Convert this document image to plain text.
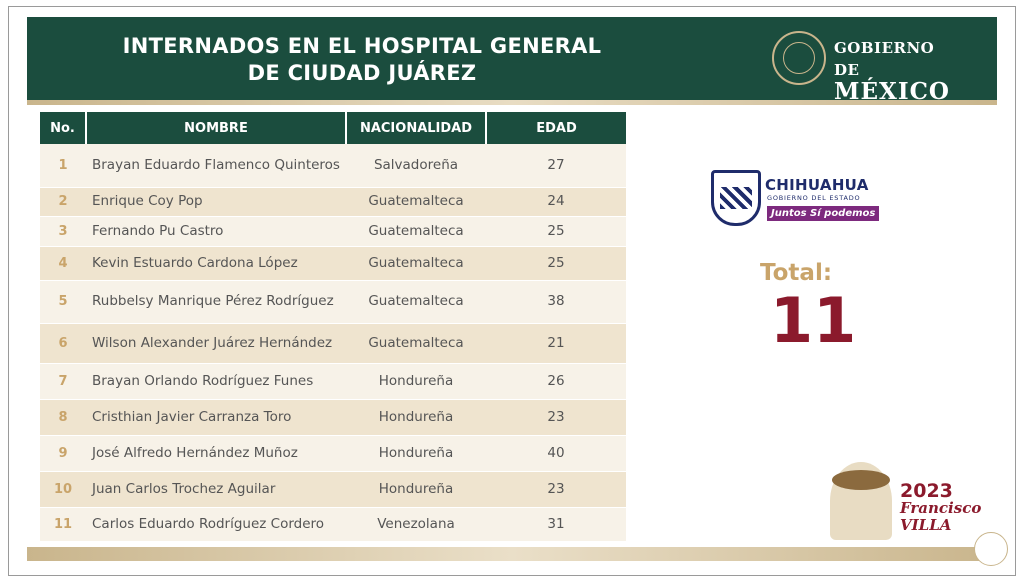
INTERNADOS EN EL HOSPITAL GENERAL
DE CIUDAD JUÁREZ
GOBIERNO DE
MÉXICO
No.	NOMBRE	NACIONALIDAD	EDAD
1	Brayan Eduardo Flamenco Quinteros	Salvadoreña	27
2	Enrique Coy Pop	Guatemalteca	24
3	Fernando Pu Castro	Guatemalteca	25
4	Kevin Estuardo Cardona López	Guatemalteca	25
5	Rubbelsy Manrique Pérez Rodríguez	Guatemalteca	38
6	Wilson Alexander Juárez Hernández	Guatemalteca	21
7	Brayan Orlando Rodríguez Funes	Hondureña	26
8	Cristhian Javier Carranza Toro	Hondureña	23
9	José Alfredo Hernández Muñoz	Hondureña	40
10	Juan Carlos Trochez Aguilar	Hondureña	23
11	Carlos Eduardo Rodríguez Cordero	Venezolana	31
CHIHUAHUA
GOBIERNO DEL ESTADO
Juntos Sí podemos
Total:
11
2023
Francisco
VILLA
